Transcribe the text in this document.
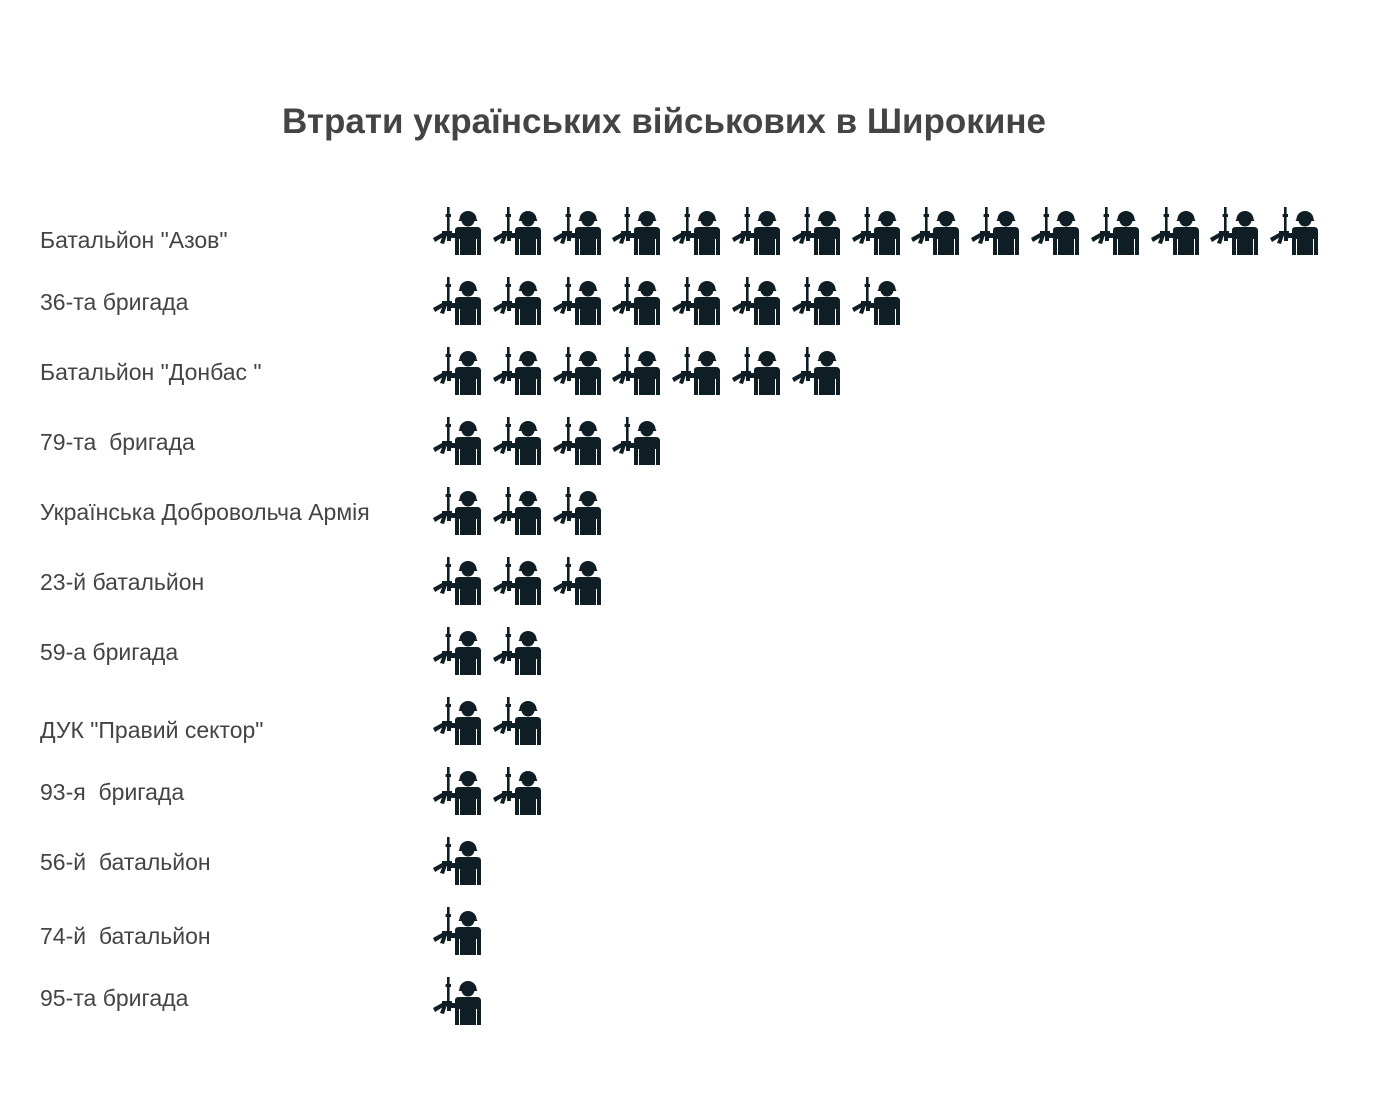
Втрати українських військових в Широкине
Батальйон "Азов"
36-та бригада
Батальйон "Донбас "
79-та  бригада
Українська Добровольча Армія
23-й батальйон
59-а бригада
ДУК "Правий сектор"
93-я  бригада
56-й  батальйон
74-й  батальйон
95-та бригада
